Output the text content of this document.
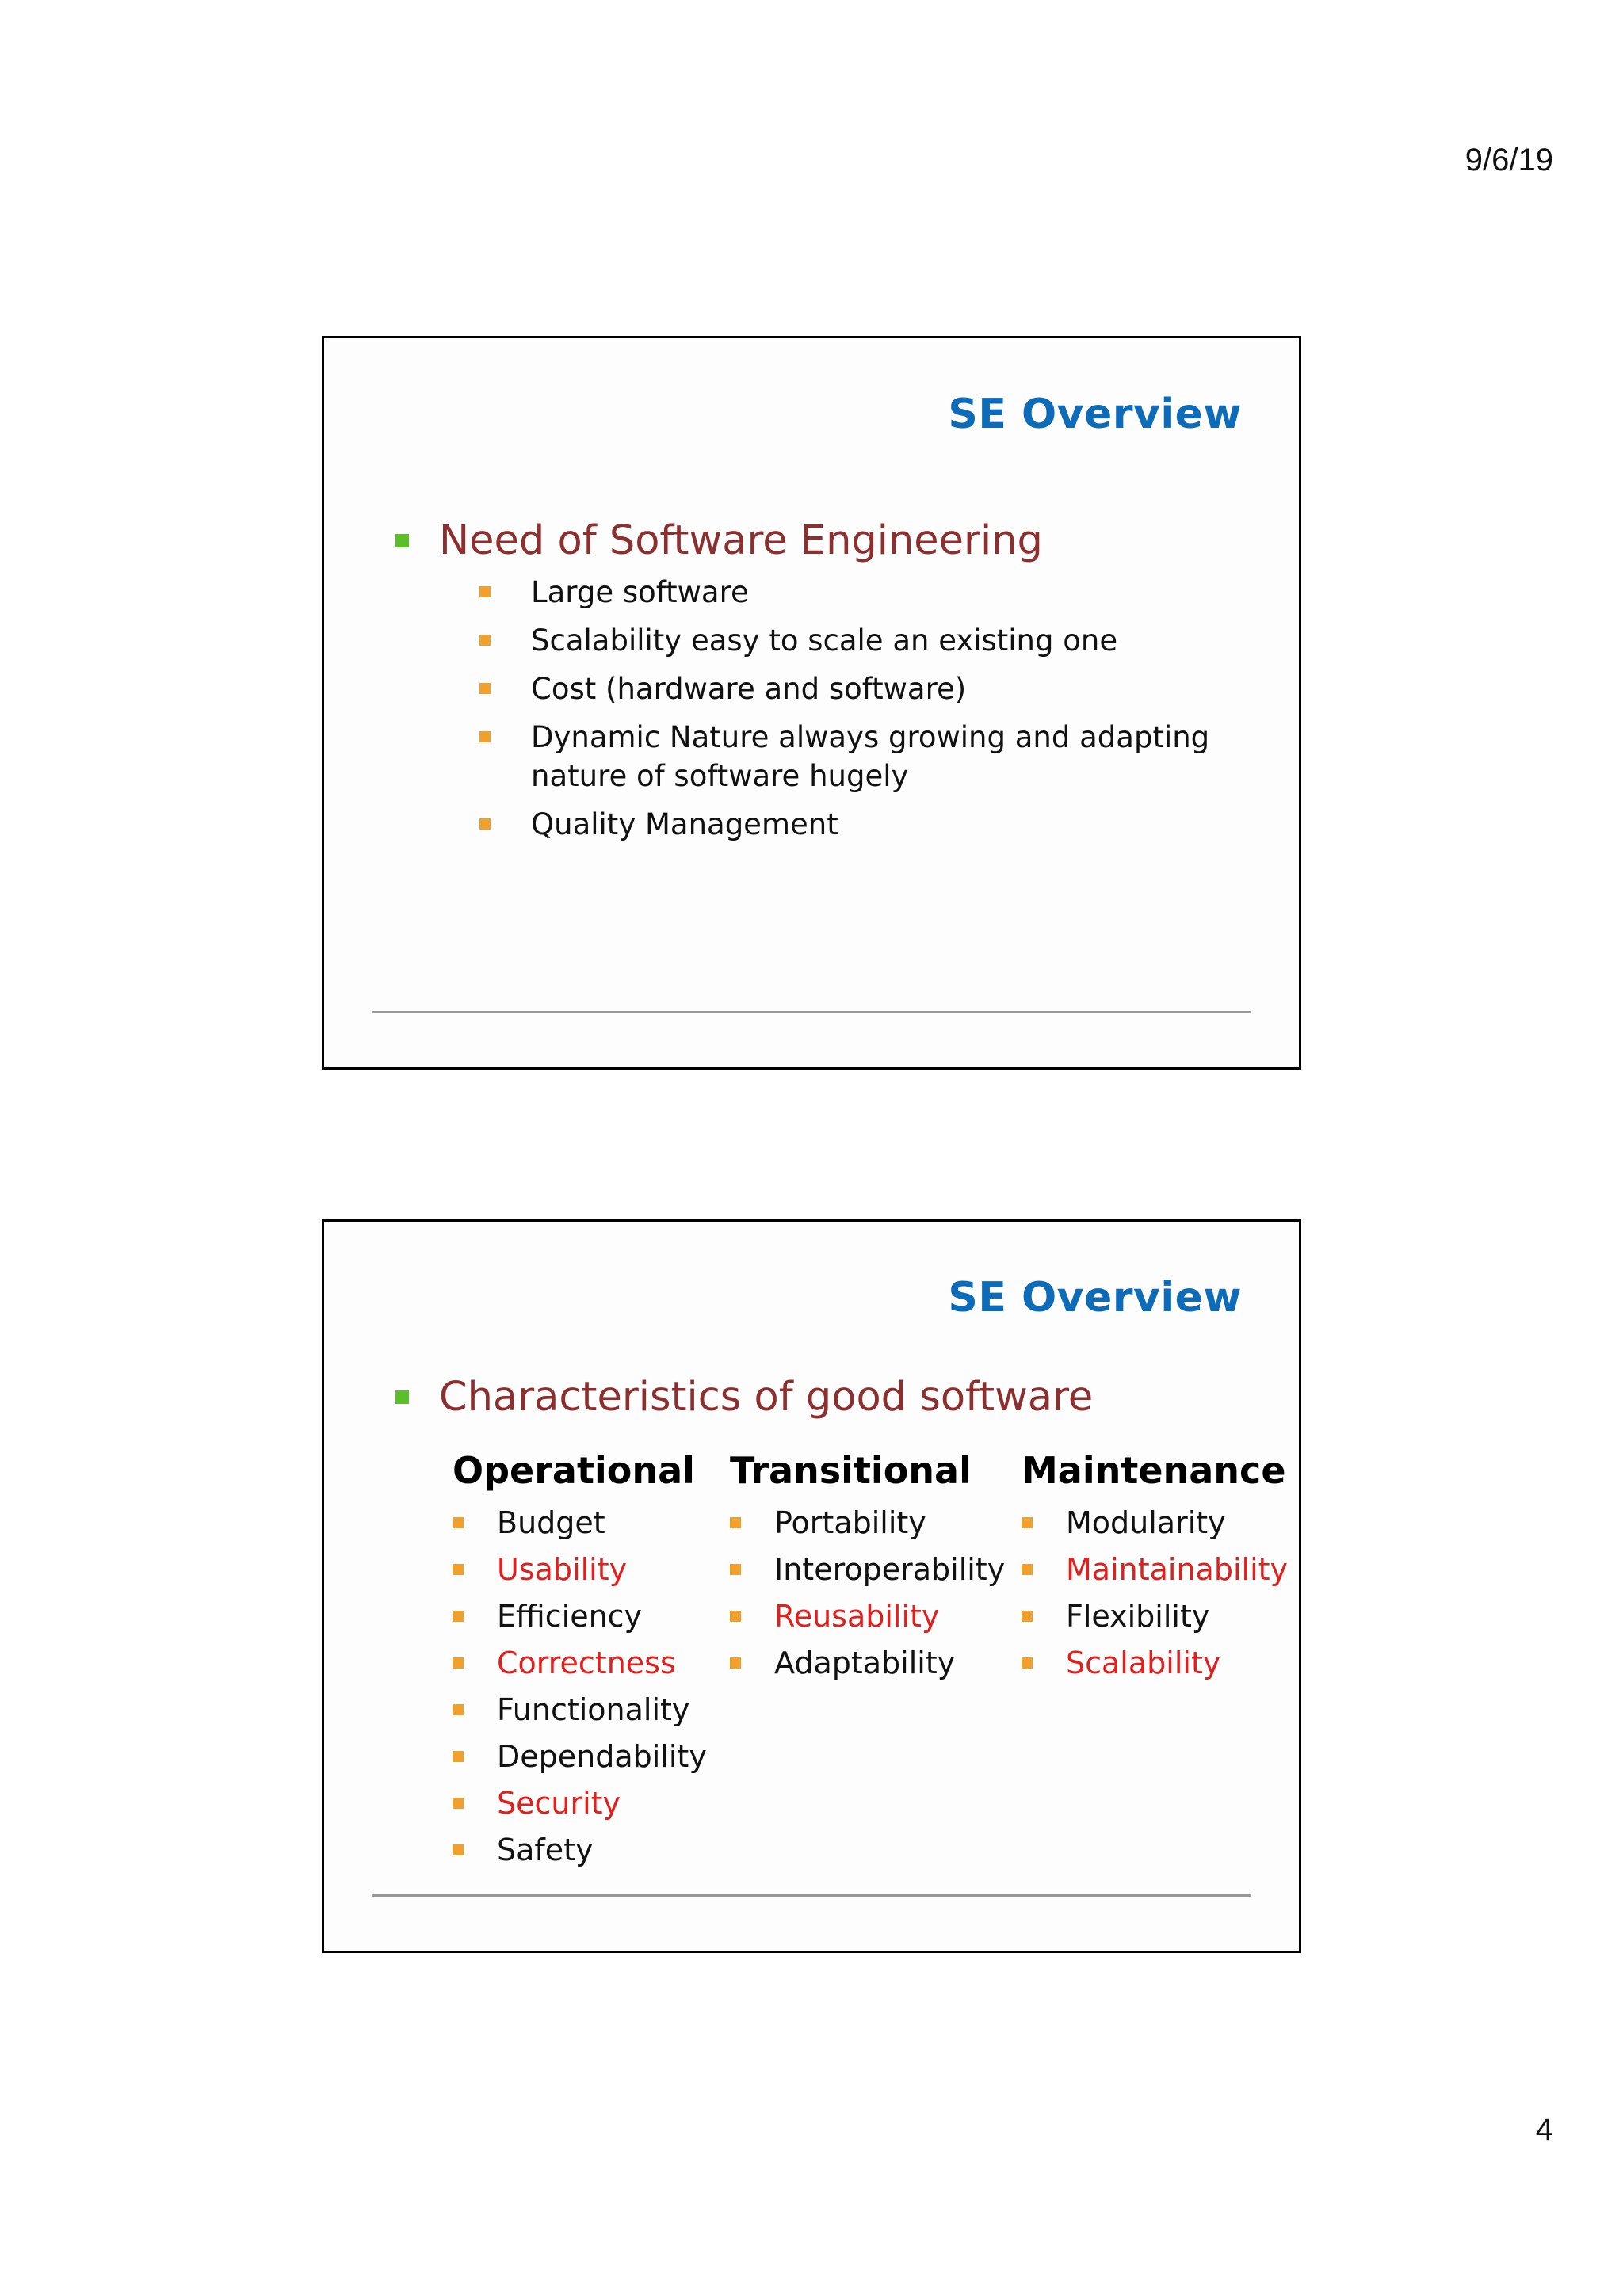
9/6/19
SE Overview
Need of Software Engineering
Large software
Scalability easy to scale an existing one
Cost (hardware and software)
Dynamic Nature always growing and adapting nature of software hugely
Quality Management
SE Overview
Characteristics of good software
Operational
Budget
Usability
Efficiency
Correctness
Functionality
Dependability
Security
Safety
Transitional
Portability
Interoperability
Reusability
Adaptability
Maintenance
Modularity
Maintainability
Flexibility
Scalability
4
